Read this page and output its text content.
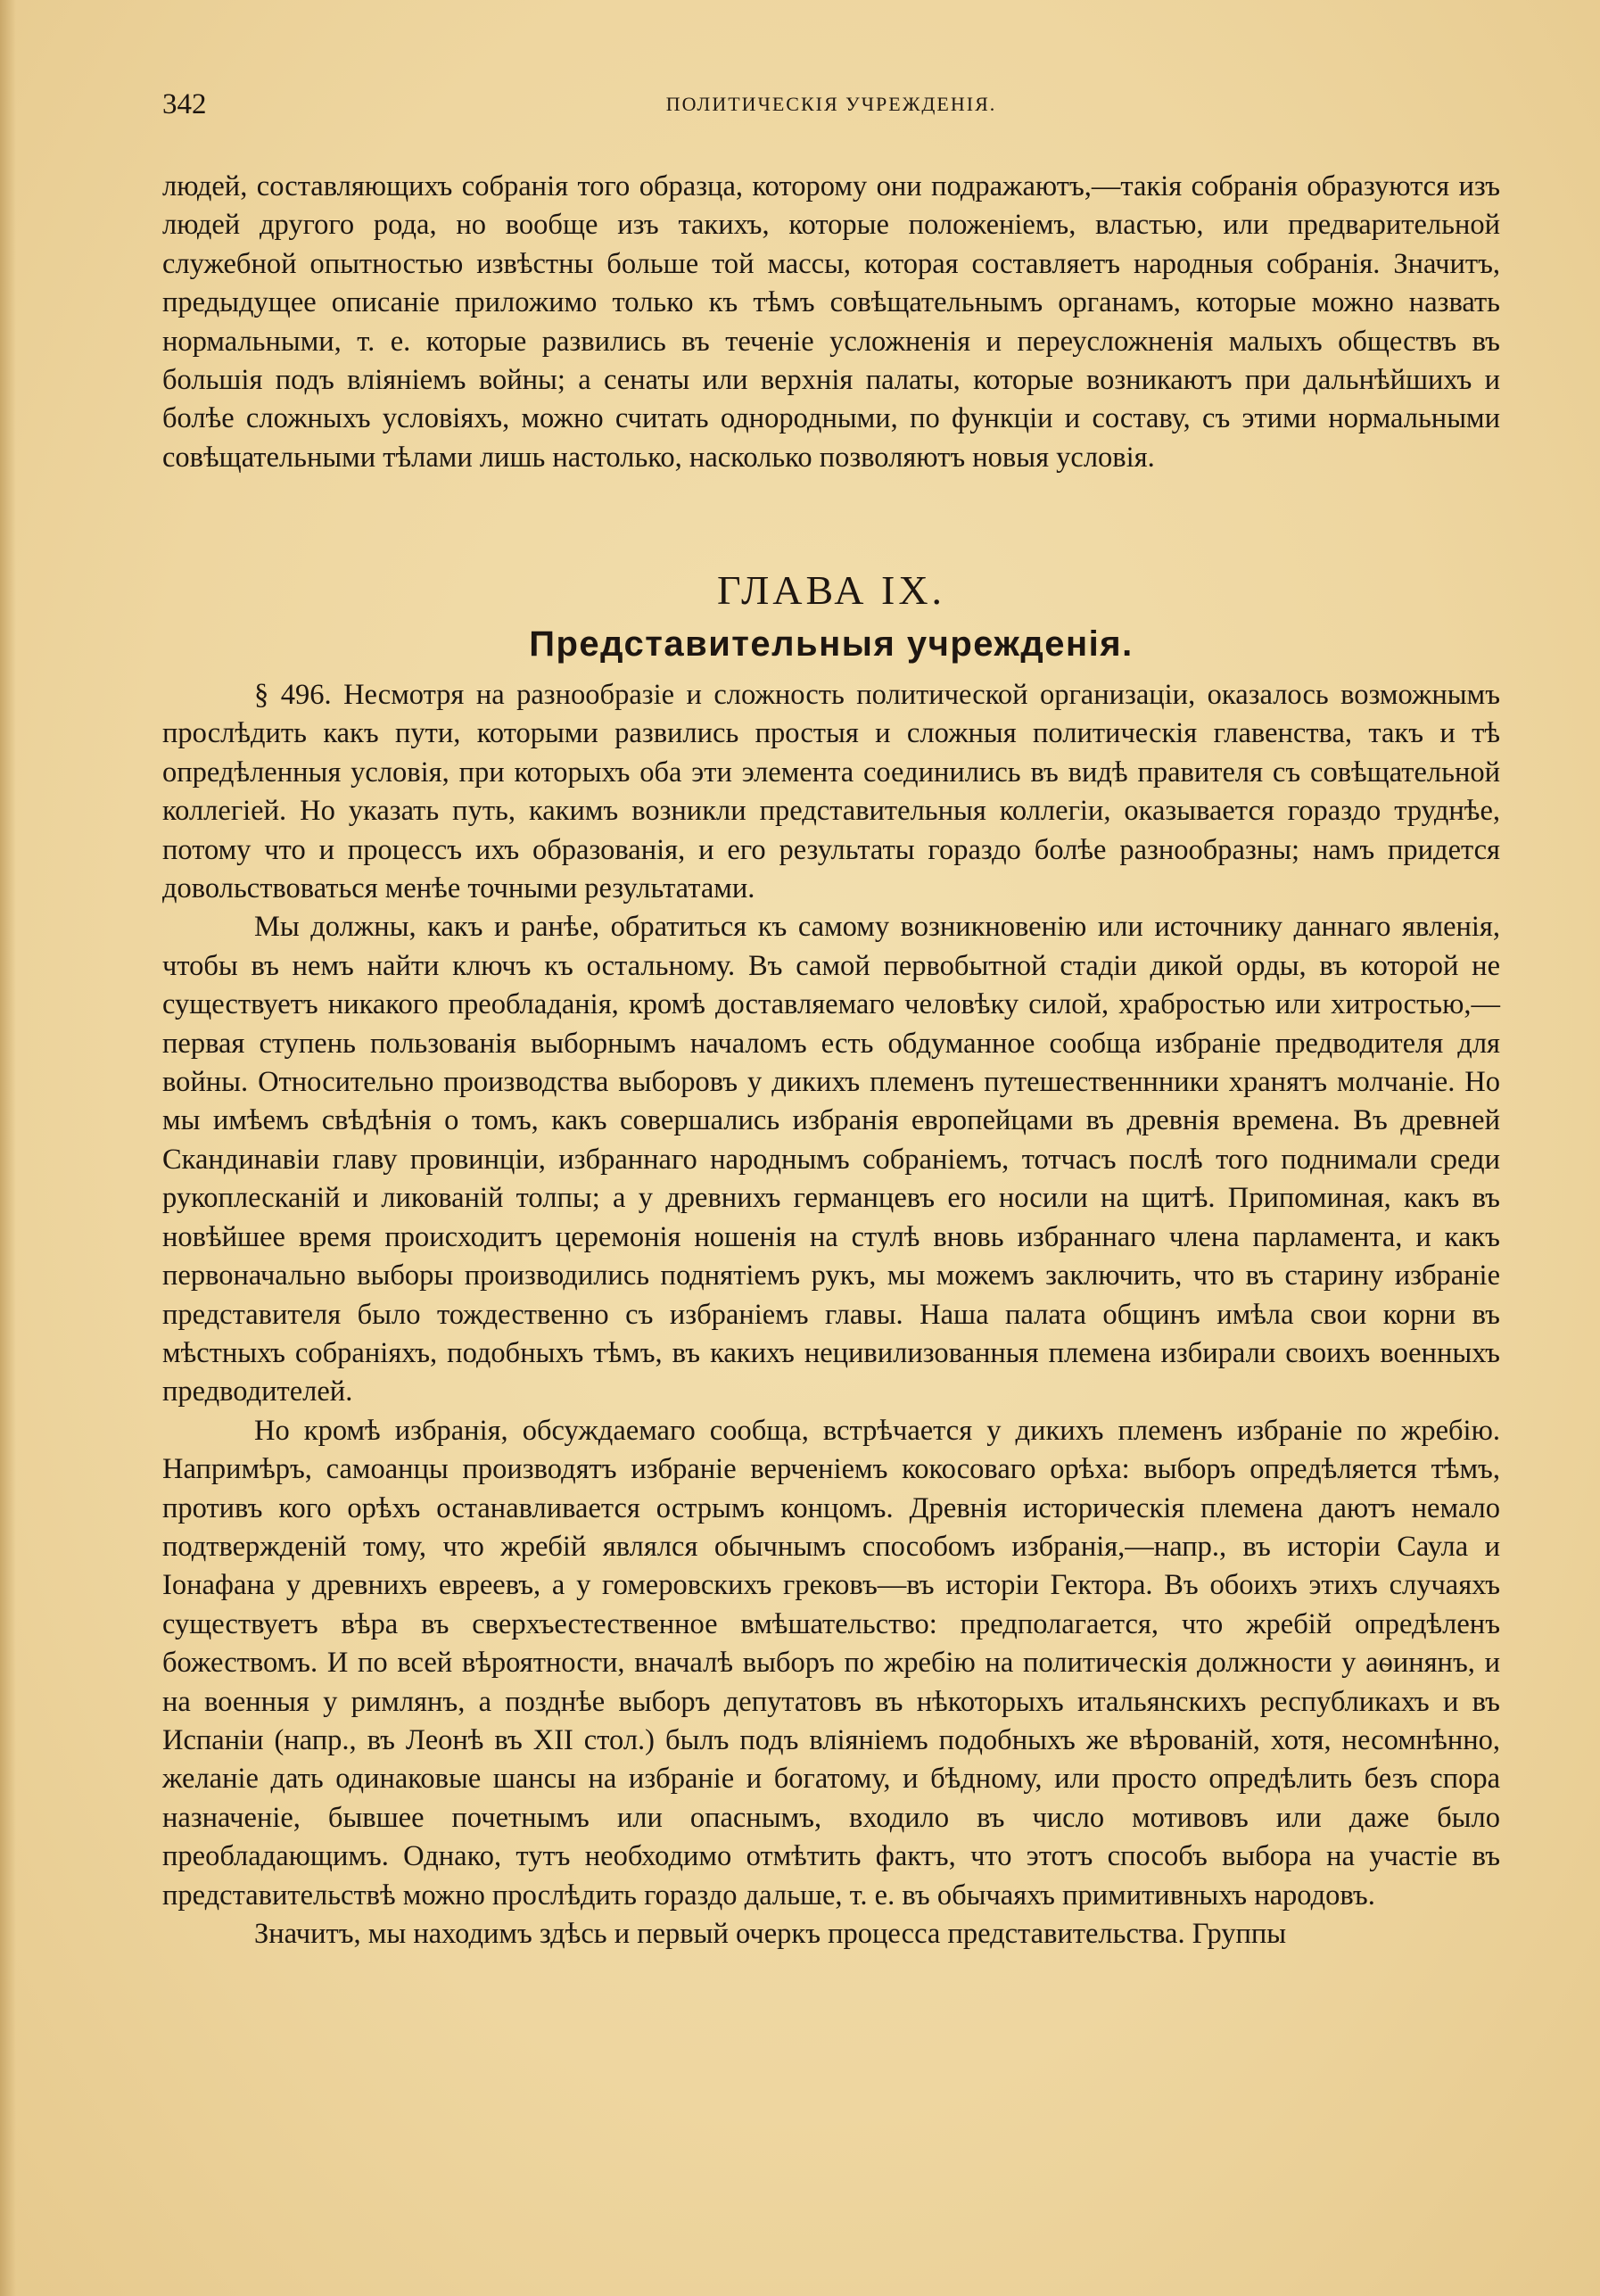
342	ПОЛИТИЧЕСКІЯ УЧРЕЖДЕНІЯ.

людей, составляющихъ собранія того образца, которому они подражаютъ,—такія собранія образуются изъ людей другого рода, но вообще изъ такихъ, которые положеніемъ, властью, или предварительной служебной опытностью извѣстны больше той массы, которая составляетъ народныя собранія. Значитъ, предыдущее описаніе приложимо только къ тѣмъ совѣщательнымъ органамъ, которые можно назвать нормальными, т. е. которые развились въ теченіе усложненія и переусложненія малыхъ обществъ въ большія подъ вліяніемъ войны; а сенаты или верхнія палаты, которые возникаютъ при дальнѣйшихъ и болѣе сложныхъ условіяхъ, можно считать однородными, по функціи и составу, съ этими нормальными совѣщательными тѣлами лишь настолько, насколько позволяютъ новыя условія.

ГЛАВА IX.
Представительныя учрежденія.

§ 496. Несмотря на разнообразіе и сложность политической организаціи, оказалось возможнымъ прослѣдить какъ пути, которыми развились простыя и сложныя политическія главенства, такъ и тѣ опредѣленныя условія, при которыхъ оба эти элемента соединились въ видѣ правителя съ совѣщательной коллегіей. Но указать путь, какимъ возникли представительныя коллегіи, оказывается гораздо труднѣе, потому что и процессъ ихъ образованія, и его результаты гораздо болѣе разнообразны; намъ придется довольствоваться менѣе точными результатами.

Мы должны, какъ и ранѣе, обратиться къ самому возникновенію или источнику даннаго явленія, чтобы въ немъ найти ключъ къ остальному. Въ самой первобытной стадіи дикой орды, въ которой не существуетъ никакого преобладанія, кромѣ доставляемаго человѣку силой, храбростью или хитростью,—первая ступень пользованія выборнымъ началомъ есть обдуманное сообща избраніе предводителя для войны. Относительно производства выборовъ у дикихъ племенъ путешественнники хранятъ молчаніе. Но мы имѣемъ свѣдѣнія о томъ, какъ совершались избранія европейцами въ древнія времена. Въ древней Скандинавіи главу провинціи, избраннаго народнымъ собраніемъ, тотчасъ послѣ того поднимали среди рукоплесканій и ликованій толпы; а у древнихъ германцевъ его носили на щитѣ. Припоминая, какъ въ новѣйшее время происходитъ церемонія ношенія на стулѣ вновь избраннаго члена парламента, и какъ первоначально выборы производились поднятіемъ рукъ, мы можемъ заключить, что въ старину избраніе представителя было тождественно съ избраніемъ главы. Наша палата общинъ имѣла свои корни въ мѣстныхъ собраніяхъ, подобныхъ тѣмъ, въ какихъ нецивилизованныя племена избирали своихъ военныхъ предводителей.

Но кромѣ избранія, обсуждаемаго сообща, встрѣчается у дикихъ племенъ избраніе по жребію. Напримѣръ, самоанцы производятъ избраніе верченіемъ кокосоваго орѣха: выборъ опредѣляется тѣмъ, противъ кого орѣхъ останавливается острымъ концомъ. Древнія историческія племена даютъ немало подтвержденій тому, что жребій являлся обычнымъ способомъ избранія,—напр., въ исторіи Саула и Іонафана у древнихъ евреевъ, а у гомеровскихъ грековъ—въ исторіи Гектора. Въ обоихъ этихъ случаяхъ существуетъ вѣра въ сверхъестественное вмѣшательство: предполагается, что жребій опредѣленъ божествомъ. И по всей вѣроятности, вначалѣ выборъ по жребію на политическія должности у аѳинянъ, и на военныя у римлянъ, а позднѣе выборъ депутатовъ въ нѣкоторыхъ итальянскихъ республикахъ и въ Испаніи (напр., въ Леонѣ въ XII стол.) былъ подъ вліяніемъ подобныхъ же вѣрованій, хотя, несомнѣнно, желаніе дать одинаковые шансы на избраніе и богатому, и бѣдному, или просто опредѣлить безъ спора назначеніе, бывшее почетнымъ или опаснымъ, входило въ число мотивовъ или даже было преобладающимъ. Однако, тутъ необходимо отмѣтить фактъ, что этотъ способъ выбора на участіе въ представительствѣ можно прослѣдить гораздо дальше, т. е. въ обычаяхъ примитивныхъ народовъ.

Значитъ, мы находимъ здѣсь и первый очеркъ процесса представительства. Группы
